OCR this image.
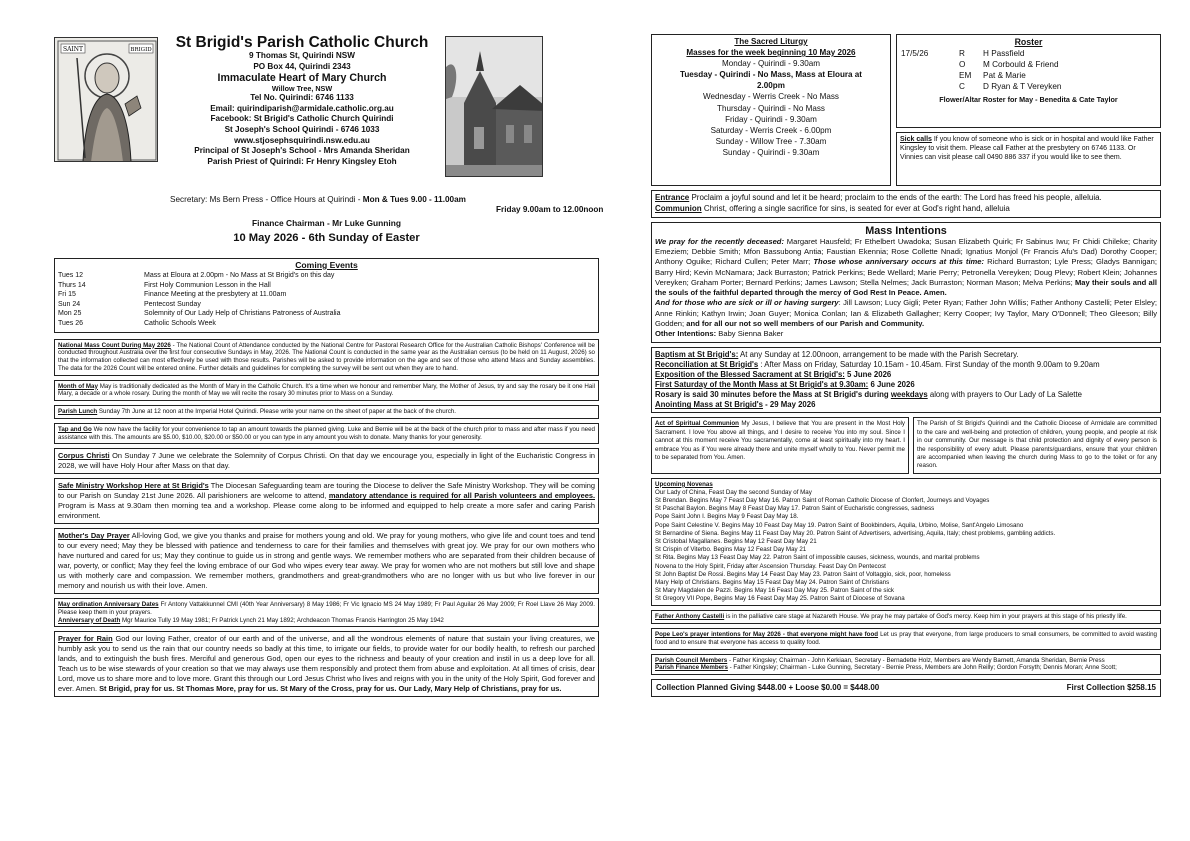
SAINT	BRIGID	St Brigid's Parish Catholic Church
9 Thomas St, Quirindi NSW
PO Box 44, Quirindi 2343
Immaculate Heart of Mary Church
Willow Tree, NSW
Tel No. Quirindi: 6746 1133
Email: quirindiparish@armidale.catholic.org.au
Facebook: St Brigid's Catholic Church Quirindi
St Joseph's School Quirindi - 6746 1033
www.stjosephsquirindi.nsw.edu.au
Principal of St Joseph's School - Mrs Amanda Sheridan
Parish Priest of Quirindi: Fr Henry Kingsley Etoh
Secretary: Ms Bern Press - Office Hours at Quirindi - Mon & Tues 9.00 - 11.00am
Friday 9.00am to 12.00noon
Finance Chairman - Mr Luke Gunning
10 May 2026 - 6th Sunday of Easter
Coming Events
Tues 12	Mass at Eloura at 2.00pm - No Mass at St Brigid's on this day
Thurs 14	First Holy Communion Lesson in the Hall
Fri 15	Finance Meeting at the presbytery at 11.00am
Sun 24	Pentecost Sunday
Mon 25	Solemnity of Our Lady Help of Christians Patroness of Australia
Tues 26	Catholic Schools Week
National Mass Count During May 2026 - The National Count of Attendance conducted by the National Centre for Pastoral Research Office for the Australian Catholic Bishops' Conference will be conducted throughout Australia over the first four consecutive Sundays in May, 2026. The National Count is conducted in the same year as the Australian census (to be held on 11 August, 2026) so that the information collected can most effectively be used with those results. Parishes will be asked to provide information on the age and sex of those who attend Mass and Sunday assemblies. The data for the 2026 Count will be entered online. Further details and guidelines for completing the survey will be sent out when they are to hand.
Month of May May is traditionally dedicated as the Month of Mary in the Catholic Church. It's a time when we honour and remember Mary, the Mother of Jesus, try and say the rosary be it one Hail Mary, a decade or a whole rosary. During the month of May we will recite the rosary 30 minutes prior to Mass on a Sunday.
Parish Lunch Sunday 7th June at 12 noon at the Imperial Hotel Quirindi. Please write your name on the sheet of paper at the back of the church.
Tap and Go We now have the facility for your convenience to tap an amount towards the planned giving. Luke and Bernie will be at the back of the church prior to mass and after mass if you need assistance with this. The amounts are $5.00, $10.00, $20.00 or $50.00 or you can type in any amount you wish to donate. Many thanks for your generosity.
Corpus Christi On Sunday 7 June we celebrate the Solemnity of Corpus Christi. On that day we encourage you, especially in light of the Eucharistic Congress in 2028, we will have Holy Hour after Mass on that day.
Safe Ministry Workshop Here at St Brigid's The Diocesan Safeguarding team are touring the Diocese to deliver the Safe Ministry Workshop. They will be coming to our Parish on Sunday 21st June 2026. All parishioners are welcome to attend, mandatory attendance is required for all Parish volunteers and employees. Program is Mass at 9.30am then morning tea and a workshop. Please come along to be informed and equipped to help create a more safer and caring Parish environment.
Mother's Day Prayer All-loving God, we give you thanks and praise for mothers young and old. We pray for young mothers, who give life and count toes and tend to our every need; May they be blessed with patience and tenderness to care for their families and themselves with great joy. We pray for our own mothers who have nurtured and cared for us; May they continue to guide us in strong and gentle ways. We remember mothers who are separated from their children because of war, poverty, or conflict; May they feel the loving embrace of our God who wipes every tear away. We pray for women who are not mothers but still love and shape us with motherly care and compassion. We remember mothers, grandmothers and great-grandmothers who are no longer with us but who live forever in our memory and nourish us with their love. Amen.
May ordination Anniversary Dates Fr Antony Vattakkunnel CMI (40th Year Anniversary) 8 May 1986; Fr Vic Ignacio MS 24 May 1989; Fr Paul Aguilar 26 May 2009; Fr Roel Llave 26 May 2009. Please keep them in your prayers.
Anniversary of Death Mgr Maurice Tully 19 May 1981; Fr Patrick Lynch 21 May 1892; Archdeacon Thomas Francis Harrington 25 May 1942
Prayer for Rain God our loving Father, creator of our earth and of the universe, and all the wondrous elements of nature that sustain your living creatures, we humbly ask you to send us the rain that our country needs so badly at this time, to irrigate our fields, to provide water for our bodily health, to refresh our parched lands, and to extinguish the bush fires. Merciful and generous God, open our eyes to the richness and beauty of your creation and instil in us a deep love for all. Teach us to be wise stewards of your creation so that we may always use them responsibly and protect them from abuse and exploitation. At all times of crisis, dear Lord, move us to share more and to love more. Grant this through our Lord Jesus Christ who lives and reigns with you in the unity of the Holy Spirit, God forever and ever. Amen. St Brigid, pray for us. St Thomas More, pray for us. St Mary of the Cross, pray for us. Our Lady, Mary Help of Christians, pray for us.
The Sacred Liturgy
Masses for the week beginning 10 May 2026
Monday - Quirindi - 9.30am
Tuesday - Quirindi - No Mass, Mass at Eloura at
2.00pm
Wednesday - Werris Creek - No Mass
Thursday - Quirindi - No Mass
Friday - Quirindi - 9.30am
Saturday - Werris Creek - 6.00pm
Sunday - Willow Tree - 7.30am
Sunday - Quirindi - 9.30am
Roster
17/5/26	R	H Passfield
O	M Corbould & Friend
EM	Pat & Marie
C	D Ryan & T Vereyken
Flower/Altar Roster for May - Benedita & Cate Taylor
Sick calls If you know of someone who is sick or in hospital and would like Father Kingsley to visit them. Please call Father at the presbytery on 6746 1133. Or Vinnies can visit please call 0490 886 337 if you would like to see them.
Entrance Proclaim a joyful sound and let it be heard; proclaim to the ends of the earth: The Lord has freed his people, alleluia.
Communion Christ, offering a single sacrifice for sins, is seated for ever at God's right hand, alleluia
Mass Intentions
We pray for the recently deceased: Margaret Hausfeld; Fr Ethelbert Uwadoka; Susan Elizabeth Quirk; Fr Sabinus Iwu; Fr Chidi Chileke; Charity Emeziem; Debbie Smith; Mfon Bassubong Antia; Faustian Ekennia; Rose Collette Nnadi; Ignatius Monjol (Fr Francis Afu's Dad) Dorothy Cooper; Anthony Oguike; Richard Cullen; Peter Marr; Those whose anniversary occurs at this time: Richard Burraston; Lyle Press; Gladys Bannigan; Barry Hird; Kevin McNamara; Jack Burraston; Patrick Perkins; Bede Wellard; Marie Perry; Petronella Vereyken; Doug Plevy; Robert Klein; Johannes Vereyken; Graham Porter; Bernard Perkins; James Lawson; Stella Nelmes; Jack Burraston; Norman Mason; Melva Perkins; May their souls and all the souls of the faithful departed through the mercy of God Rest In Peace. Amen.
And for those who are sick or ill or having surgery: Jill Lawson; Lucy Gigli; Peter Ryan; Father John Willis; Father Anthony Castelli; Peter Elsley; Anne Rinkin; Kathyn Irwin; Joan Guyer; Monica Conlan; Ian & Elizabeth Gallagher; Kerry Cooper; Ivy Taylor, Mary O'Donnell; Theo Gleeson; Billy Godden; and for all our not so well members of our Parish and Community.
Other Intentions: Baby Sienna Baker
Baptism at St Brigid's: At any Sunday at 12.00noon, arrangement to be made with the Parish Secretary.
Reconciliation at St Brigid's : After Mass on Friday, Saturday 10.15am - 10.45am. First Sunday of the month 9.00am to 9.20am
Exposition of the Blessed Sacrament at St Brigid's: 5 June 2026
First Saturday of the Month Mass at St Brigid's at 9.30am: 6 June 2026
Rosary is said 30 minutes before the Mass at St Brigid's during weekdays along with prayers to Our Lady of La Salette
Anointing Mass at St Brigid's - 29 May 2026
Act of Spiritual Communion My Jesus, I believe that You are present in the Most Holy Sacrament. I love You above all things, and I desire to receive You into my soul. Since I cannot at this moment receive You sacramentally, come at least spiritually into my heart. I embrace You as if You were already there and unite myself wholly to You. Never permit me to be separated from You. Amen.
The Parish of St Brigid's Quirindi and the Catholic Diocese of Armidale are committed to the care and well-being and protection of children, young people, and people at risk in our community. Our message is that child protection and dignity of every person is the responsibility of every adult. Please parents/guardians, ensure that your children are accompanied when leaving the church during Mass to go to the toilet or for any reason.
Upcoming Novenas
Our Lady of China, Feast Day the second Sunday of May
St Brendan. Begins May 7 Feast Day May 16. Patron Saint of Roman Catholic Diocese of Clonfert, Journeys and Voyages
St Paschal Baylon. Begins May 8 Feast Day May 17. Patron Saint of Eucharistic congresses, sadness
Pope Saint John I. Begins May 9 Feast Day May 18.
Pope Saint Celestine V. Begins May 10 Feast Day May 19. Patron Saint of Bookbinders, Aquila, Urbino, Molise, Sant'Angelo Limosano
St Bernardine of Siena. Begins May 11 Feast Day May 20. Patron Saint of Advertisers, advertising, Aquila, Italy; chest problems, gambling addicts.
St Cristobal Magallanes. Begins May 12 Feast Day May 21
St Crispin of Viterbo. Begins May 12 Feast Day May 21
St Rita. Begins May 13 Feast Day May 22. Patron Saint of impossible causes, sickness, wounds, and marital problems
Novena to the Holy Spirit, Friday after Ascension Thursday. Feast Day On Pentecost
St John Baptist De Rossi. Begins May 14 Feast Day May 23. Patron Saint of Voltaggio, sick, poor, homeless
Mary Help of Christians. Begins May 15 Feast Day May 24. Patron Saint of Christians
St Mary Magdalen de Pazzi. Begins May 16 Feast Day May 25. Patron Saint of the sick
St Gregory VII Pope, Begins May 16 Feast Day May 25. Patron Saint of Diocese of Sovana
Father Anthony Castelli is in the palliative care stage at Nazareth House. We pray he may partake of God's mercy. Keep him in your prayers at this stage of his priestly life.
Pope Leo's prayer intentions for May 2026 - that everyone might have food Let us pray that everyone, from large producers to small consumers, be committed to avoid wasting food and to ensure that everyone has access to quality food.
Parish Council Members - Father Kingsley; Chairman - John Kerkiaan, Secretary - Bernadette Holz, Members are Wendy Barnett, Amanda Sheridan, Bernie Press
Parish Finance Members - Father Kingsley; Chairman - Luke Gunning, Secretary - Bernie Press, Members are John Reilly; Gordon Forsyth; Dennis Moran; Anne Scott;
Collection Planned Giving $448.00 + Loose $0.00 = $448.00	First Collection $258.15
